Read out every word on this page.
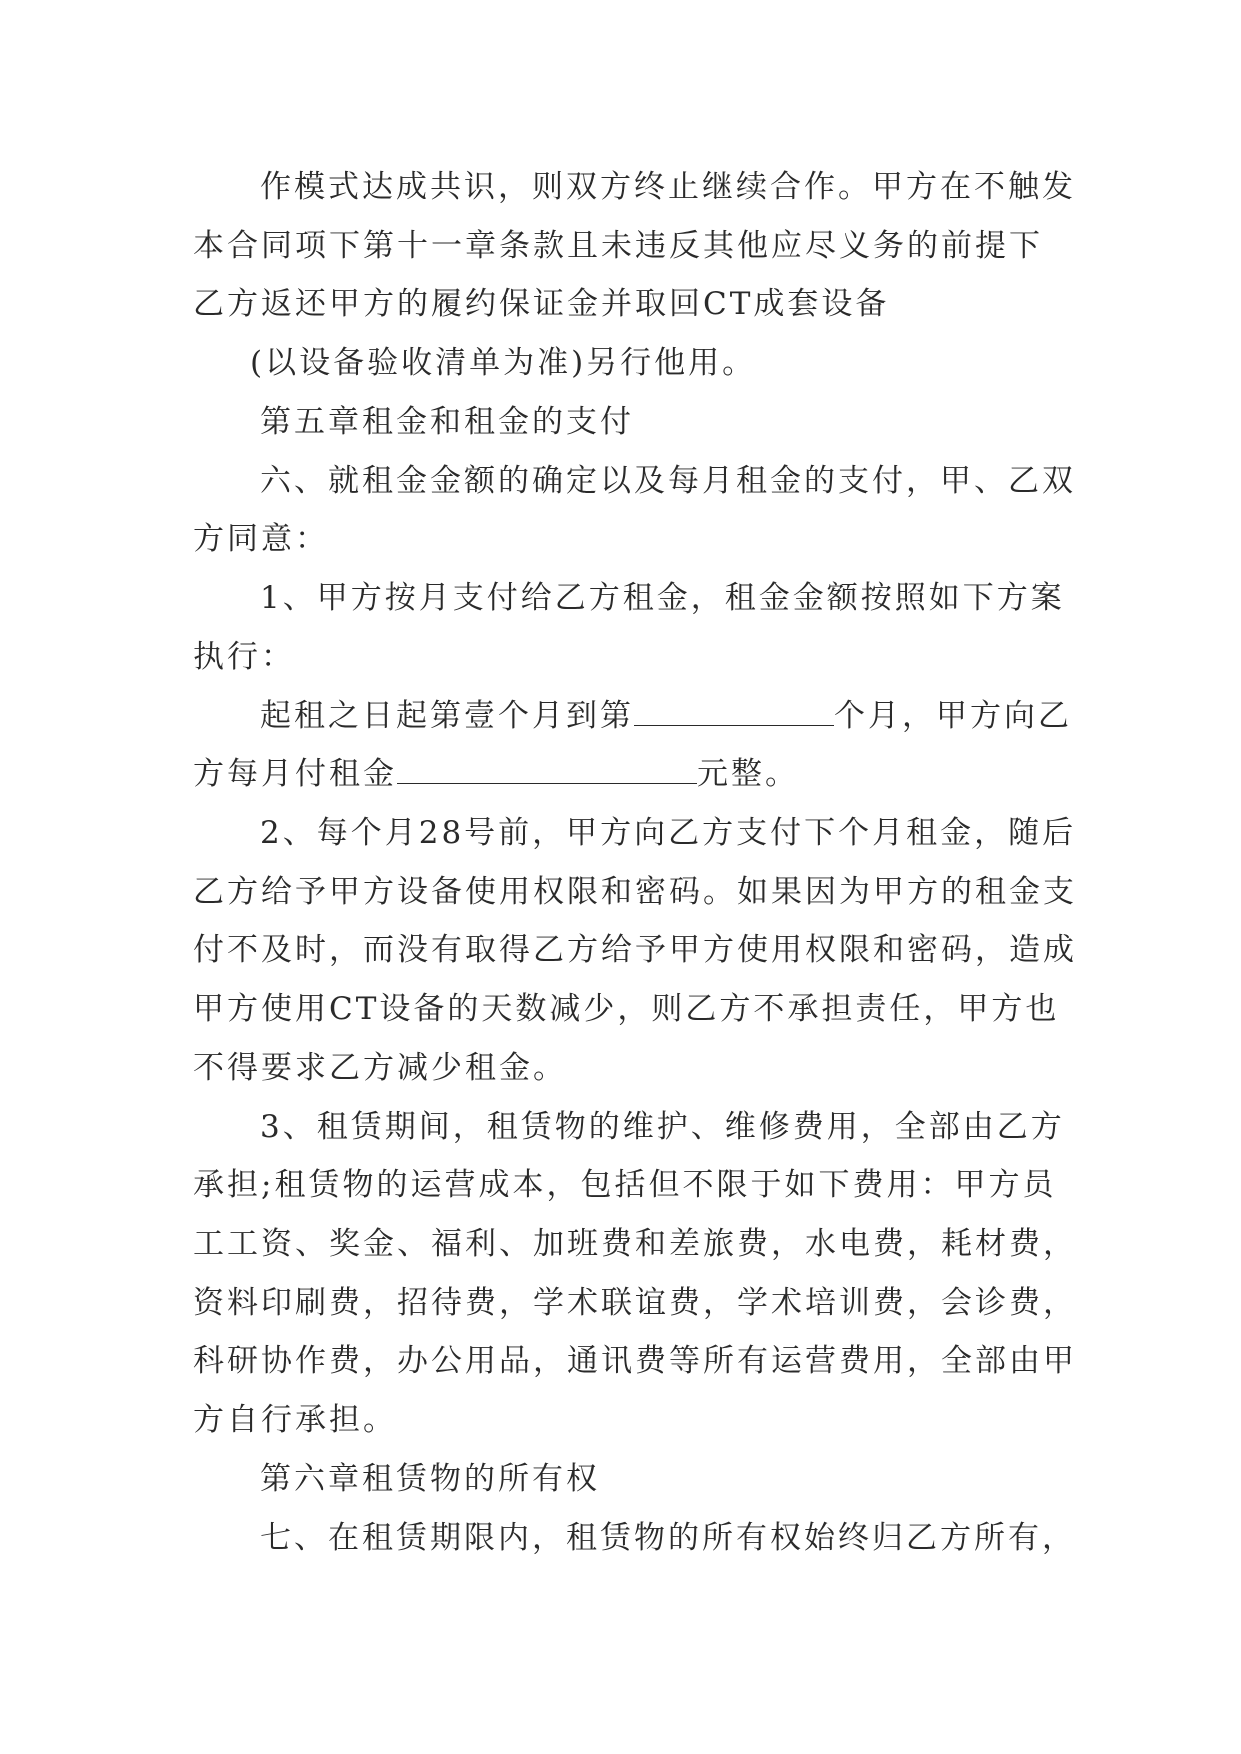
作模式达成共识，则双方终止继续合作。甲方在不触发
本合同项下第十一章条款且未违反其他应尽义务的前提下
乙方返还甲方的履约保证金并取回CT成套设备
(以设备验收清单为准)另行他用。
第五章租金和租金的支付
六、就租金金额的确定以及每月租金的支付，甲、乙双
方同意：
1、甲方按月支付给乙方租金，租金金额按照如下方案
执行：
起租之日起第壹个月到第	个月，甲方向乙
方每月付租金	元整。
2、每个月28号前，甲方向乙方支付下个月租金，随后
乙方给予甲方设备使用权限和密码。如果因为甲方的租金支
付不及时，而没有取得乙方给予甲方使用权限和密码，造成
甲方使用CT设备的天数减少，则乙方不承担责任，甲方也
不得要求乙方减少租金。
3、租赁期间，租赁物的维护、维修费用，全部由乙方
承担;租赁物的运营成本，包括但不限于如下费用：甲方员
工工资、奖金、福利、加班费和差旅费，水电费，耗材费，
资料印刷费，招待费，学术联谊费，学术培训费，会诊费，
科研协作费，办公用品，通讯费等所有运营费用，全部由甲
方自行承担。
第六章租赁物的所有权
七、在租赁期限内，租赁物的所有权始终归乙方所有，
